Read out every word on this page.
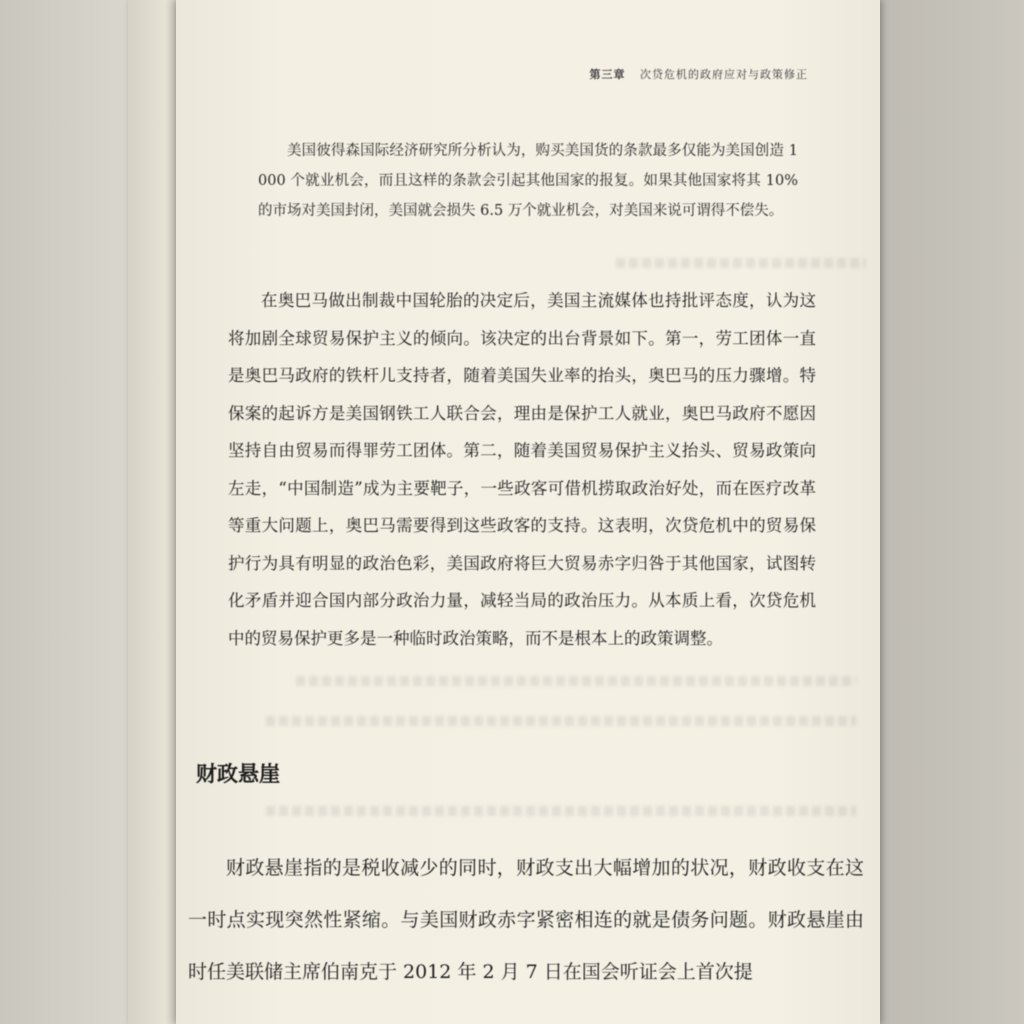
第三章 次贷危机的政府应对与政策修正

美国彼得森国际经济研究所分析认为，购买美国货的条款最多仅能为美国创造 1 000 个就业机会，而且这样的条款会引起其他国家的报复。如果其他国家将其 10% 的市场对美国封闭，美国就会损失 6.5 万个就业机会，对美国来说可谓得不偿失。

在奥巴马做出制裁中国轮胎的决定后，美国主流媒体也持批评态度，认为这将加剧全球贸易保护主义的倾向。该决定的出台背景如下。第一，劳工团体一直是奥巴马政府的铁杆儿支持者，随着美国失业率的抬头，奥巴马的压力骤增。特保案的起诉方是美国钢铁工人联合会，理由是保护工人就业，奥巴马政府不愿因坚持自由贸易而得罪劳工团体。第二，随着美国贸易保护主义抬头、贸易政策向左走，“中国制造”成为主要靶子，一些政客可借机捞取政治好处，而在医疗改革等重大问题上，奥巴马需要得到这些政客的支持。这表明，次贷危机中的贸易保护行为具有明显的政治色彩，美国政府将巨大贸易赤字归咎于其他国家，试图转化矛盾并迎合国内部分政治力量，减轻当局的政治压力。从本质上看，次贷危机中的贸易保护更多是一种临时政治策略，而不是根本上的政策调整。

财政悬崖

财政悬崖指的是税收减少的同时，财政支出大幅增加的状况，财政收支在这一时点实现突然性紧缩。与美国财政赤字紧密相连的就是债务问题。财政悬崖由时任美联储主席伯南克于 2012 年 2 月 7 日在国会听证会上首次提
